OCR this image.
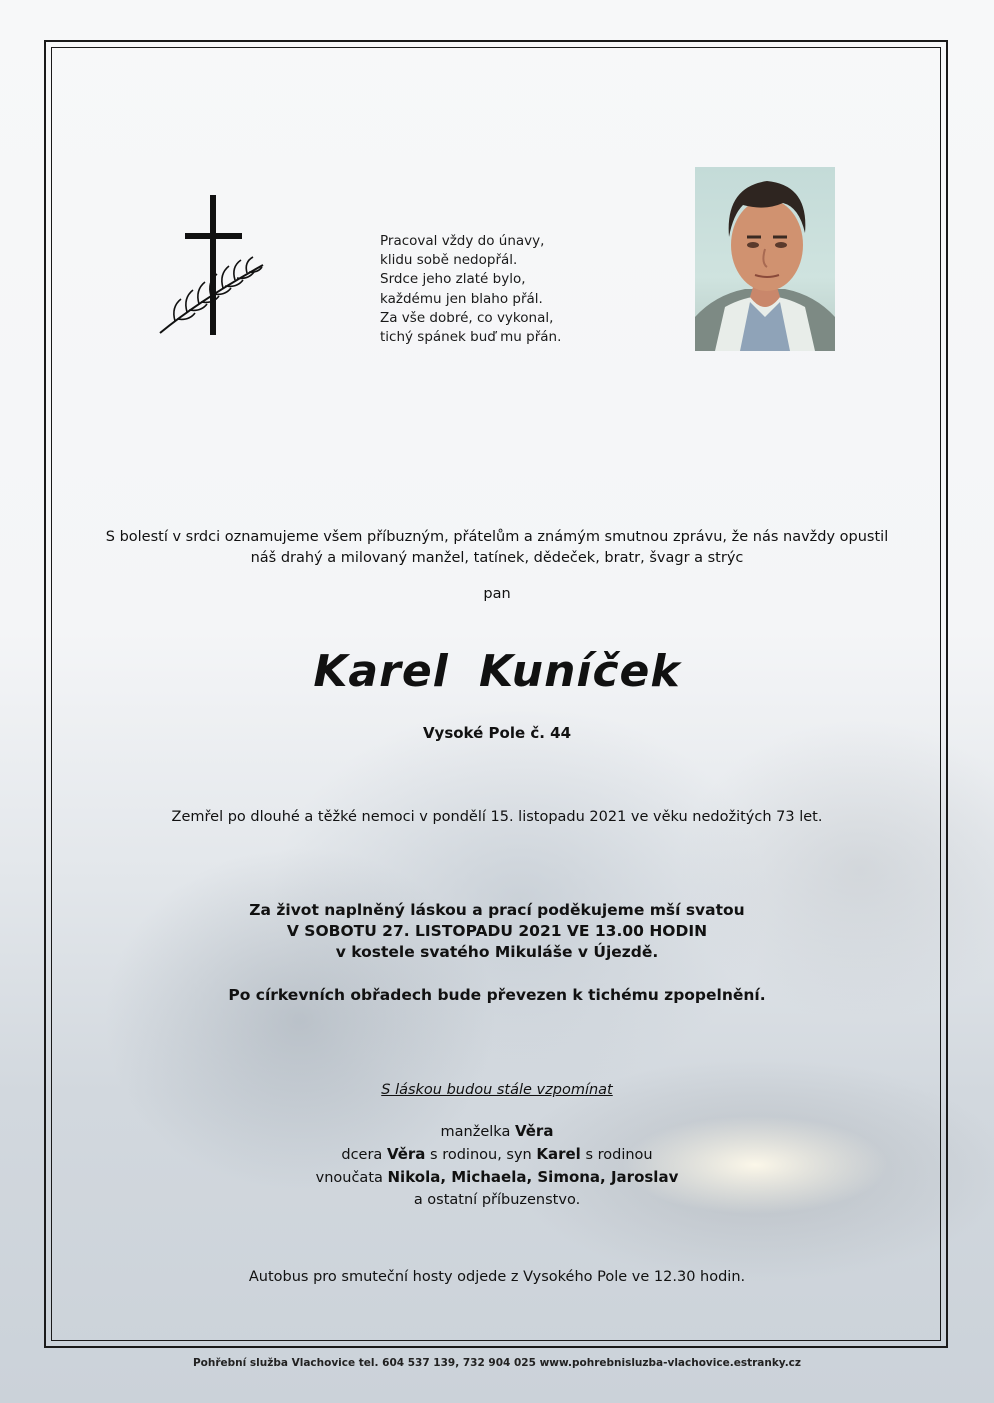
Pracoval vždy do únavy,
klidu sobě nedopřál.
Srdce jeho zlaté bylo,
každému jen blaho přál.
Za vše dobré, co vykonal,
tichý spánek buď mu přán.
S bolestí v srdci oznamujeme všem příbuzným, přátelům a známým smutnou zprávu, že nás navždy opustil
náš drahý a milovaný manžel, tatínek, dědeček, bratr, švagr a strýc
pan
Karel Kuníček
Vysoké Pole č. 44
Zemřel po dlouhé a těžké nemoci v pondělí 15. listopadu 2021 ve věku nedožitých 73 let.
Za život naplněný láskou a prací poděkujeme mší svatou
V SOBOTU 27. LISTOPADU 2021 VE 13.00 HODIN
v kostele svatého Mikuláše v Újezdě.
Po církevních obřadech bude převezen k tichému zpopelnění.
S láskou budou stále vzpomínat
manželka Věra
dcera Věra s rodinou, syn Karel s rodinou
vnoučata Nikola, Michaela, Simona, Jaroslav
a ostatní příbuzenstvo.
Autobus pro smuteční hosty odjede z Vysokého Pole ve 12.30 hodin.
Pohřební služba Vlachovice tel. 604 537 139, 732 904 025 www.pohrebnisluzba-vlachovice.estranky.cz
